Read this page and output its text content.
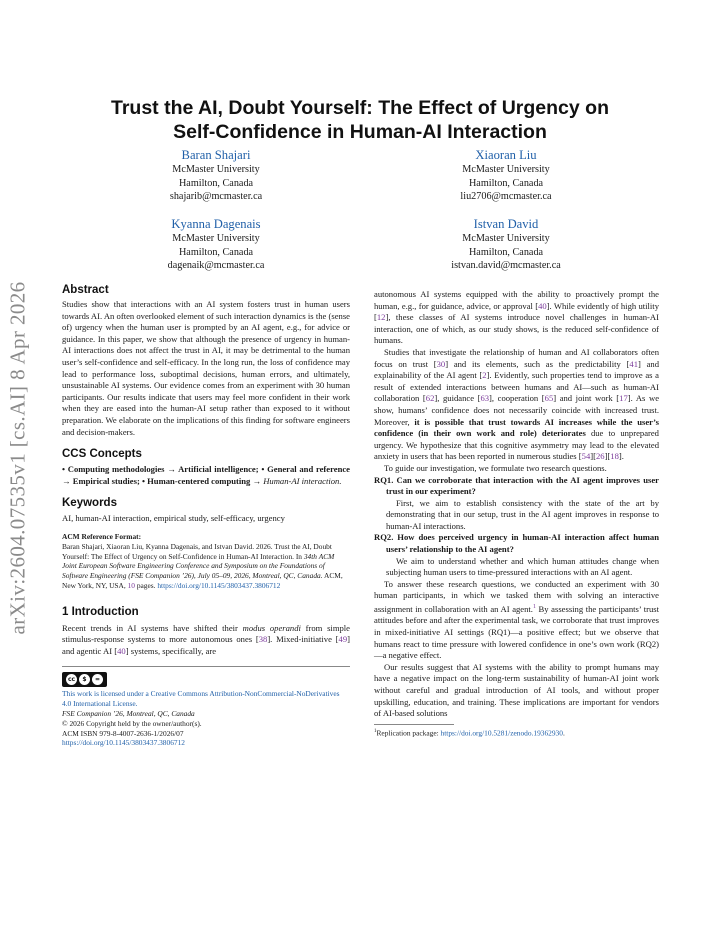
arXiv:2604.07535v1 [cs.AI] 8 Apr 2026
Trust the AI, Doubt Yourself: The Effect of Urgency on
Self-Confidence in Human-AI Interaction
Baran Shajari
McMaster University
Hamilton, Canada
shajarib@mcmaster.ca
Xiaoran Liu
McMaster University
Hamilton, Canada
liu2706@mcmaster.ca
Kyanna Dagenais
McMaster University
Hamilton, Canada
dagenaik@mcmaster.ca
Istvan David
McMaster University
Hamilton, Canada
istvan.david@mcmaster.ca
Abstract

Studies show that interactions with an AI system fosters trust in human users towards AI. An often overlooked element of such interaction dynamics is the (sense of) urgency when the human user is prompted by an AI agent, e.g., for advice or guidance. In this paper, we show that although the presence of urgency in human-AI interactions does not affect the trust in AI, it may be detrimental to the human user’s self-confidence and self-efficacy. In the long run, the loss of confidence may lead to performance loss, suboptimal decisions, human errors, and ultimately, unsustainable AI systems. Our evidence comes from an experiment with 30 human participants. Our results indicate that users may feel more confident in their work when they are eased into the human-AI setup rather than exposed to it without preparation. We elaborate on the implications of this finding for software engineers and decision-makers.

CCS Concepts

• Computing methodologies → Artificial intelligence; • General and reference → Empirical studies; • Human-centered computing → Human-AI interaction.

Keywords

AI, human-AI interaction, empirical study, self-efficacy, urgency

ACM Reference Format:

Baran Shajari, Xiaoran Liu, Kyanna Dagenais, and Istvan David. 2026. Trust the AI, Doubt Yourself: The Effect of Urgency on Self-Confidence in Human-AI Interaction. In 34th ACM Joint European Software Engineering Conference and Symposium on the Foundations of Software Engineering (FSE Companion ’26), July 05–09, 2026, Montreal, QC, Canada. ACM, New York, NY, USA, 10 pages. https://doi.org/10.1145/3803437.3806712

1 Introduction

Recent trends in AI systems have shifted their modus operandi from simple stimulus-response systems to more autonomous ones [38]. Mixed-initiative [49] and agentic AI [40] systems, specifically, are

cc	$	=
This work is licensed under a Creative Commons Attribution-NonCommercial-NoDerivatives 4.0 International License.
FSE Companion ’26, Montreal, QC, Canada
© 2026 Copyright held by the owner/author(s).
ACM ISBN 979-8-4007-2636-1/2026/07
https://doi.org/10.1145/3803437.3806712

autonomous AI systems equipped with the ability to proactively prompt the human, e.g., for guidance, advice, or approval [40]. While evidently of high utility [12], these classes of AI systems introduce novel challenges in human-AI interaction, one of which, as our study shows, is the reduced self-confidence of humans.

Studies that investigate the relationship of human and AI collaborators often focus on trust [30] and its elements, such as the predictability [41] and explainability of the AI agent [2]. Evidently, such properties tend to improve as a result of extended interactions between humans and AI—such as human-AI collaboration [62], guidance [63], cooperation [65] and joint work [17]. As we show, humans’ confidence does not necessarily coincide with increased trust. Moreover, it is possible that trust towards AI increases while the user’s confidence (in their own work and role) deteriorates due to unprepared urgency. We hypothesize that this cognitive asymmetry may lead to the elevated anxiety in users that has been reported in numerous studies [54][26][18].

To guide our investigation, we formulate two research questions.

RQ1. Can we corroborate that interaction with the AI agent improves user trust in our experiment?

First, we aim to establish consistency with the state of the art by demonstrating that in our setup, trust in the AI agent improves in response to human-AI interactions.

RQ2. How does perceived urgency in human-AI interaction affect human users’ relationship to the AI agent?

We aim to understand whether and which human attitudes change when subjecting human users to time-pressured interactions with an AI agent.

To answer these research questions, we conducted an experiment with 30 human participants, in which we tasked them with solving an interactive assignment in collaboration with an AI agent.$^1$ By assessing the participants’ trust attitudes before and after the experimental task, we corroborate that trust improves in mixed-initiative AI settings (RQ1)—a positive effect; but we observe that humans react to time pressure with lowered confidence in one’s own work (RQ2)—a negative effect.

Our results suggest that AI systems with the ability to prompt humans may have a negative impact on the long-term sustainability of human-AI joint work without careful and gradual introduction of AI tools, and without proper upskilling, education, and training. These implications are important for vendors of AI-based solutions

$^1$Replication package: https://doi.org/10.5281/zenodo.19362930.
